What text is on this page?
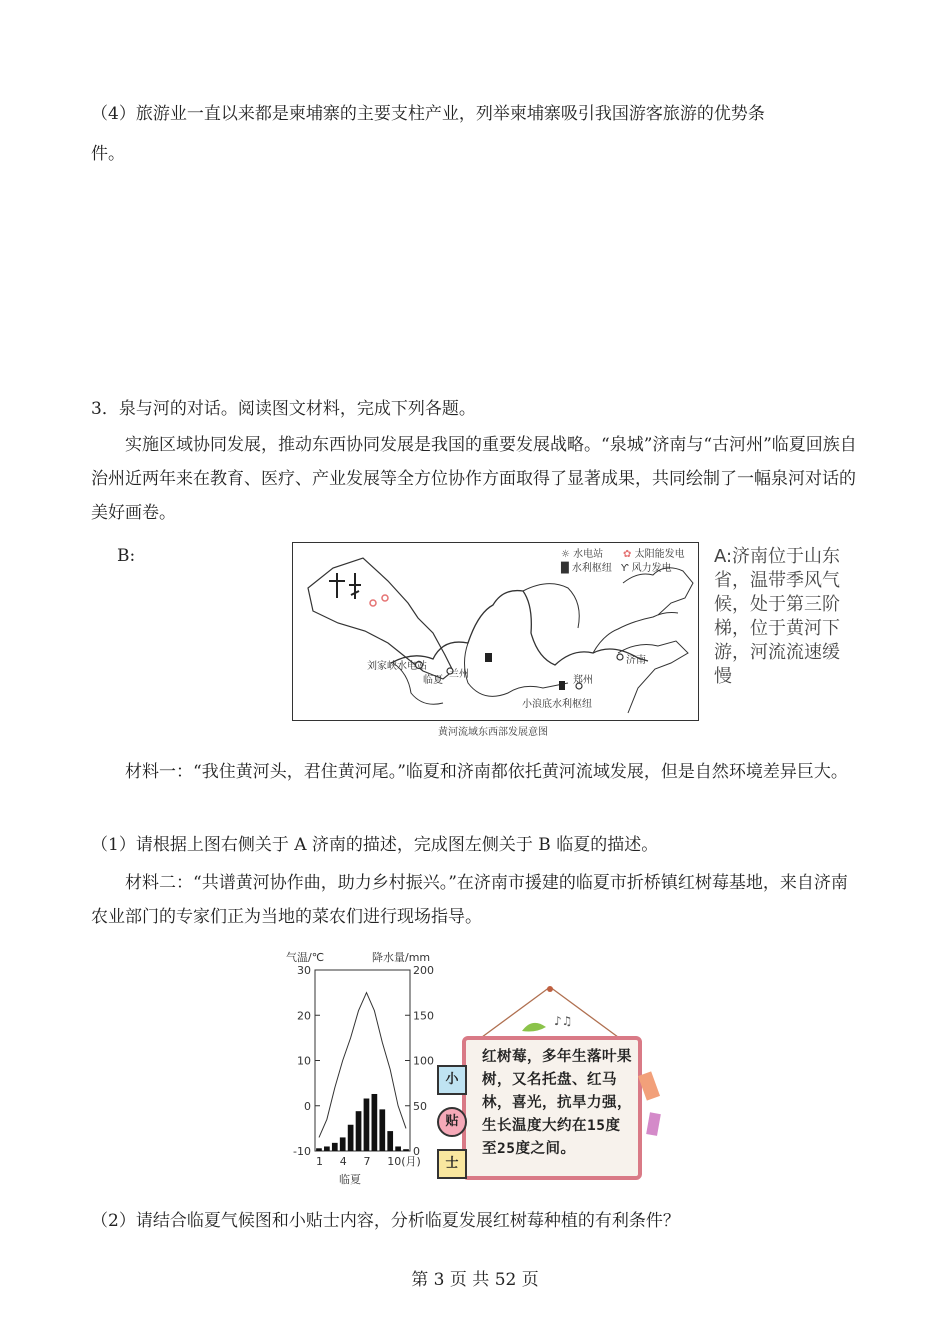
（4）旅游业一直以来都是柬埔寨的主要支柱产业，列举柬埔寨吸引我国游客旅游的优势条

件。

3．泉与河的对话。阅读图文材料，完成下列各题。

实施区域协同发展，推动东西协同发展是我国的重要发展战略。“泉城”济南与“古河州”临夏回族自治州近两年来在教育、医疗、产业发展等全方位协作方面取得了显著成果，共同绘制了一幅泉河对话的美好画卷。

B:	☼ 水电站 ✿ 太阳能发电
█ 水利枢纽 Ƴ 风力发电
刘家峡水电站
兰州
临夏	郑州
济南
小浪底水利枢纽
黄河流域东西部发展意图
A:济南位于山东省，温带季风气候，处于第三阶梯，位于黄河下游，河流流速缓慢

材料一：“我住黄河头，君住黄河尾。”临夏和济南都依托黄河流域发展，但是自然环境差异巨大。

（1）请根据上图右侧关于 A 济南的描述，完成图左侧关于 B 临夏的描述。

材料二：“共谱黄河协作曲，助力乡村振兴。”在济南市援建的临夏市折桥镇红树莓基地，来自济南农业部门的专家们正为当地的菜农们进行现场指导。

气温/℃	降水量/mm
30
20
10
0
-10
200
150
100
50
0
1 4 7 10(月)
临夏
♪♫
小
贴
士
红树莓，多年生落叶果树，又名托盘、红马林，喜光，抗旱力强，生长温度大约在15度至25度之间。

（2）请结合临夏气候图和小贴士内容，分析临夏发展红树莓种植的有利条件？

第 3 页 共 52 页
